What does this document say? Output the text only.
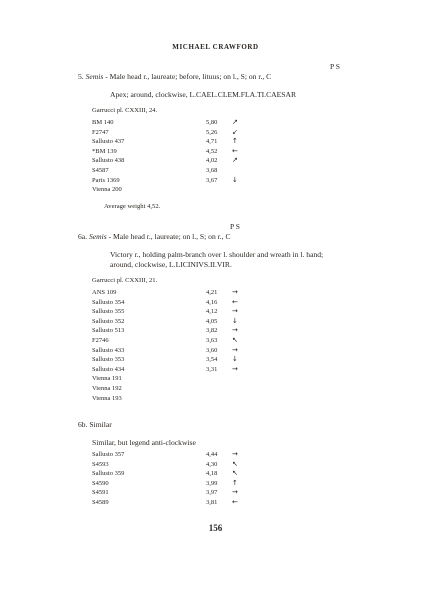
MICHAEL CRAWFORD
P S
5. Semis - Male head r., laureate; before, lituus; on l., S; on r., C
Apex; around, clockwise, L.CAEL.CLEM.FLA.TI.CAESAR
Garrucci pl. CXXIII, 24.
BM 140	5,80	↗
F2747	5,26	↙
Sallusto 437	4,71	↑
*BM 139	4,52	←
Sallusto 438	4,02	↗
S4587	3,68	
Paris 1369	3,67	↓
Vienna 200		
Average weight 4,52.
P S
6a. Semis - Male head r., laureate; on l., S; on r., C
Victory r., holding palm-branch over l. shoulder and wreath in l. hand;
around, clockwise, L.LICINIVS.II.VIR.
Garrucci pl. CXXIII, 21.
ANS 109	4,21	→
Sallusto 354	4,16	←
Sallusto 355	4,12	→
Sallusto 352	4,05	↓
Sallusto 513	3,82	→
F2746	3,63	↖
Sallusto 433	3,60	→
Sallusto 353	3,54	↓
Sallusto 434	3,31	→
Vienna 191		
Vienna 192		
Vienna 193		
6b. Similar
Similar, but legend anti-clockwise
Sallusto 357	4,44	→
S4593	4,30	↖
Sallusto 359	4,18	↖
S4590	3,99	↑
S4591	3,97	→
S4589	3,81	←
156
